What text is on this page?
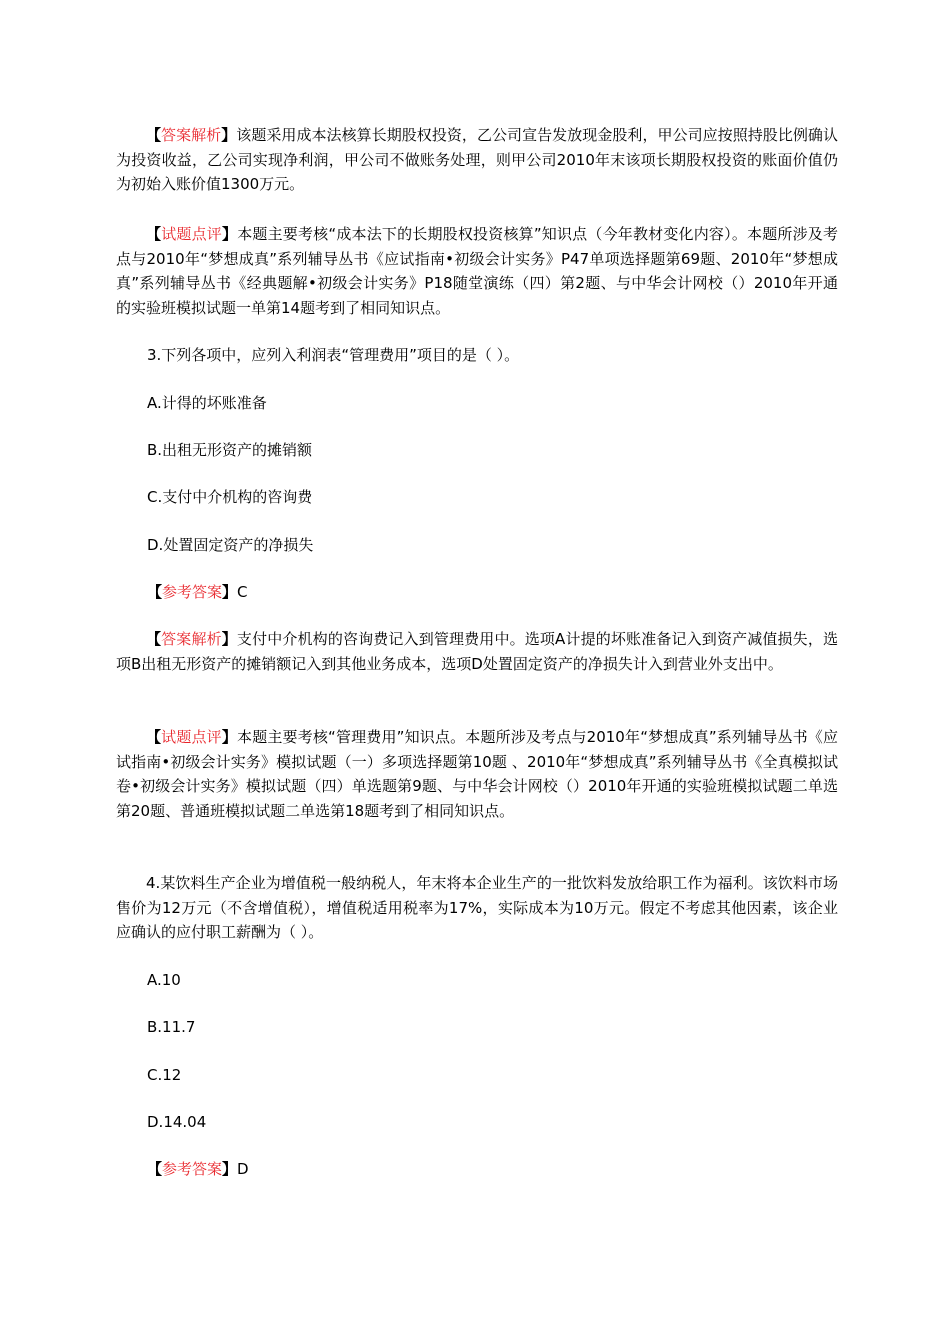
【答案解析】该题采用成本法核算长期股权投资，乙公司宣告发放现金股利，甲公司应按照持股比例确认为投资收益，乙公司实现净利润，甲公司不做账务处理，则甲公司2010年末该项长期股权投资的账面价值仍为初始入账价值1300万元。
【试题点评】本题主要考核“成本法下的长期股权投资核算”知识点（今年教材变化内容）。本题所涉及考点与2010年“梦想成真”系列辅导丛书《应试指南•初级会计实务》P47单项选择题第69题、2010年“梦想成真”系列辅导丛书《经典题解•初级会计实务》P18随堂演练（四）第2题、与中华会计网校（）2010年开通的实验班模拟试题一单第14题考到了相同知识点。
3.下列各项中，应列入利润表“管理费用”项目的是（ ）。
A.计得的坏账准备
B.出租无形资产的摊销额
C.支付中介机构的咨询费
D.处置固定资产的净损失
【参考答案】C
【答案解析】支付中介机构的咨询费记入到管理费用中。选项A计提的坏账准备记入到资产减值损失，选项B出租无形资产的摊销额记入到其他业务成本，选项D处置固定资产的净损失计入到营业外支出中。
【试题点评】本题主要考核“管理费用”知识点。本题所涉及考点与2010年“梦想成真”系列辅导丛书《应试指南•初级会计实务》模拟试题（一）多项选择题第10题 、2010年“梦想成真”系列辅导丛书《全真模拟试卷•初级会计实务》模拟试题（四）单选题第9题、与中华会计网校（）2010年开通的实验班模拟试题二单选第20题、普通班模拟试题二单选第18题考到了相同知识点。
4.某饮料生产企业为增值税一般纳税人，年末将本企业生产的一批饮料发放给职工作为福利。该饮料市场售价为12万元（不含增值税），增值税适用税率为17%，实际成本为10万元。假定不考虑其他因素，该企业应确认的应付职工薪酬为（ ）。
A.10
B.11.7
C.12
D.14.04
【参考答案】D
